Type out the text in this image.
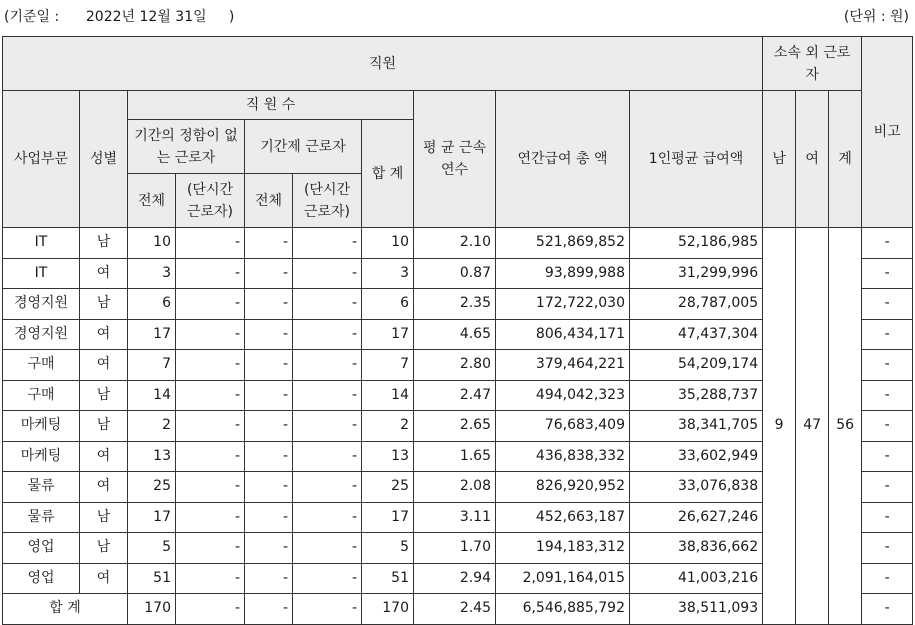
(기준일 :      2022년 12월 31일     )	(단위 : 원)
직원										소속 외 근로자			비고
사업부문	성별	직 원 수					평 균 근속연수	연간급여 총 액	1인평균 급여액	남	여	계	
		기간의 정함이 없는 근로자		기간제 근로자		합 계							
		전체	(단시간 근로자)	전체	(단시간 근로자)								
IT	남	10	-	-	-	10	2.10	521,869,852	52,186,985	9	47	56	-
IT	여	3	-	-	-	3	0.87	93,899,988	31,299,996				-
경영지원	남	6	-	-	-	6	2.35	172,722,030	28,787,005				-
경영지원	여	17	-	-	-	17	4.65	806,434,171	47,437,304				-
구매	여	7	-	-	-	7	2.80	379,464,221	54,209,174				-
구매	남	14	-	-	-	14	2.47	494,042,323	35,288,737				-
마케팅	남	2	-	-	-	2	2.65	76,683,409	38,341,705				-
마케팅	여	13	-	-	-	13	1.65	436,838,332	33,602,949				-
물류	여	25	-	-	-	25	2.08	826,920,952	33,076,838				-
물류	남	17	-	-	-	17	3.11	452,663,187	26,627,246				-
영업	남	5	-	-	-	5	1.70	194,183,312	38,836,662				-
영업	여	51	-	-	-	51	2.94	2,091,164,015	41,003,216				-
합 계		170	-	-	-	170	2.45	6,546,885,792	38,511,093				-
